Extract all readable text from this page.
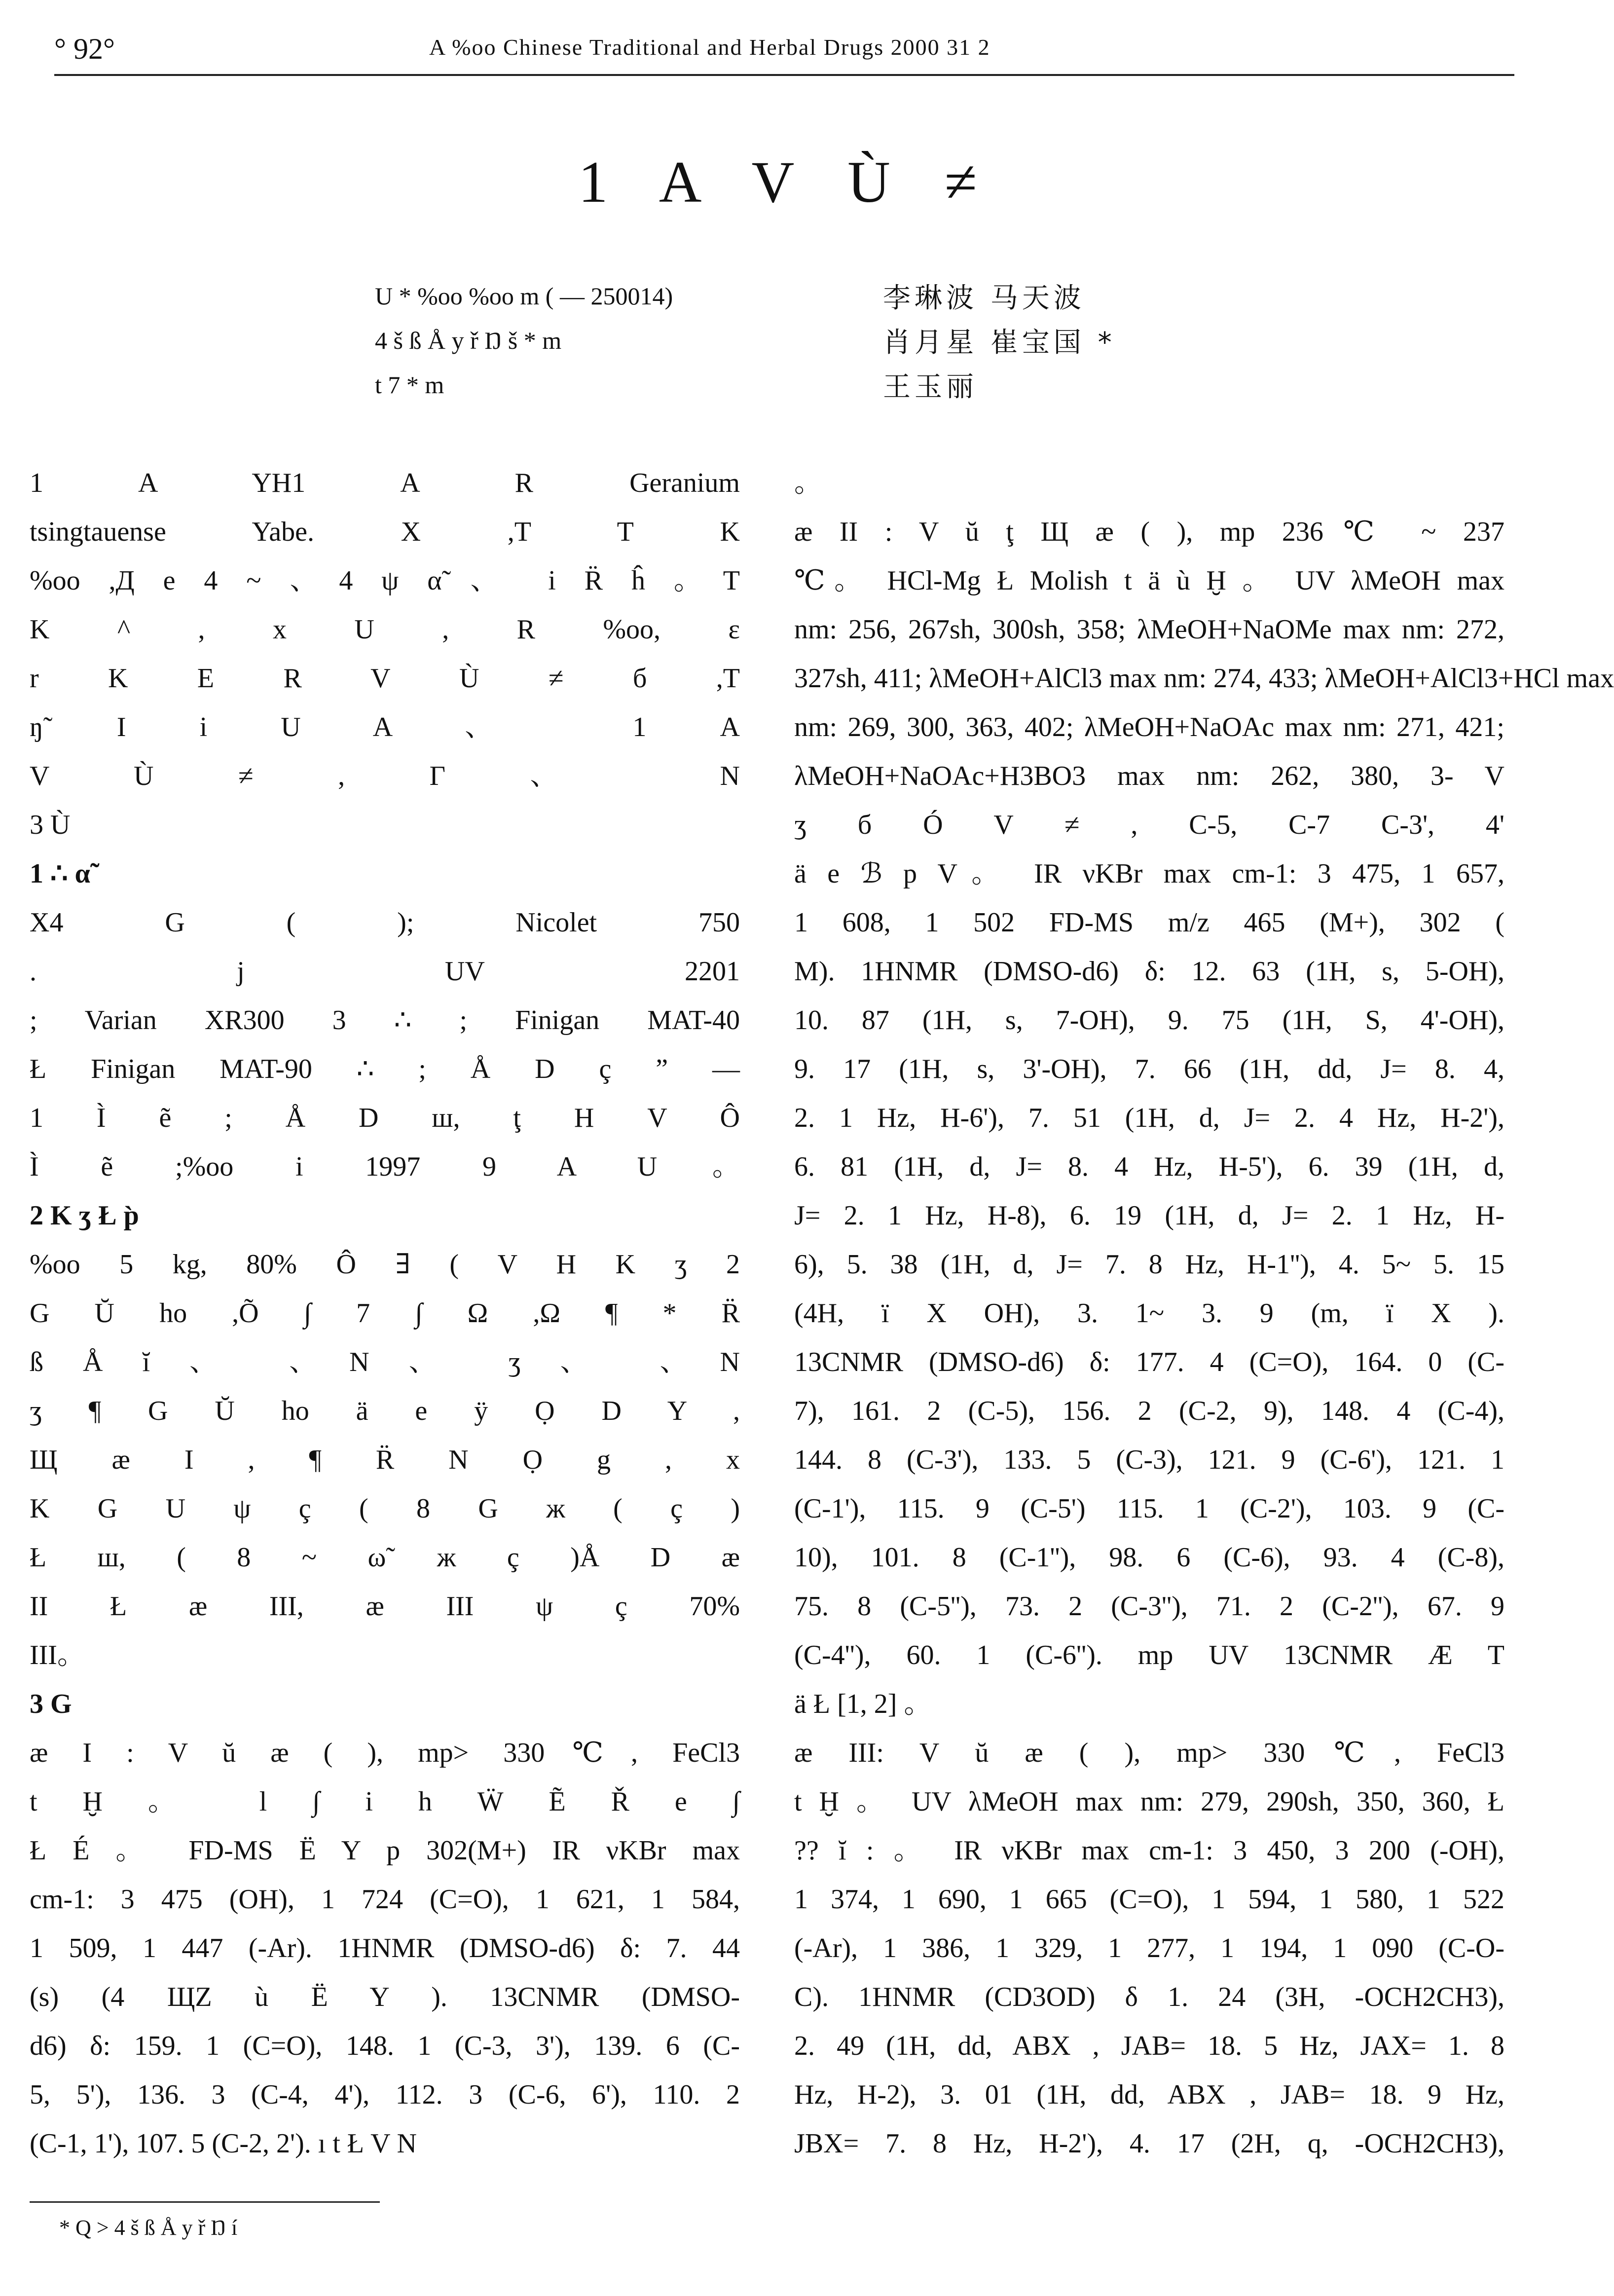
° 92°	A %oo Chinese Traditional and Herbal Drugs 2000 31 2
1 A V Ù ≠
U * %oo %oo m ( — 250014)	李琳波 马天波
4 š ß Å y ř Ŋ š * m	肖月星 崔宝国 *
t 7 * m	王玉丽
1 A YH1 A R Geranium
tsingtauense Yabe. X ,T T K
%oo ,Д e 4 ~ 、4 ψ α̃ 、 i R̈ ĥ 。T
K ^ , x U , R %oo, ε
r K E R V Ù ≠ б ,T
ŋ̃ I i U A 、 1 A
V Ù ≠ , Γ 、 N
3 Ù
1 ∴ α̃
X4 G ( ); Nicolet 750
. j UV 2201
; Varian XR300 3 ∴ ; Finigan MAT-40
Ł Finigan MAT-90 ∴ ; Å D ç ” —
1 Ì ẽ ; Å D ш, ţ Н V Ô
Ì ẽ ;%oo i 1997 9 A U。
2 K ʒ Ł p̀
%oo 5 kg, 80% Ô ∃ ( V H K ʒ 2
G Ŭ ho ,Õ ∫ 7 ∫ Ω ,Ω ¶ * R̈
ß Å ĭ 、 、N 、 ʒ 、 、N
ʒ ¶ G Ŭ ho ä e ÿ Ọ D Y ,
Щ ӕ I , ¶ R̈ N Ọ g , x
K G U ψ ç ( 8 G ж ( ç )
Ł ш, ( 8 ~ ω̃ ж ç )Å D ӕ
II Ł ӕ III, ӕ III ψ ç 70%
III。
3 G
ӕ I : V ŭ ӕ ( ), mp> 330℃, FeCl3
t Ḫ 。 l ∫ i h Ẅ Ẽ Ř e ∫
Ł É 。 FD-MS Ë Y p 302(M+) IR νKBr max
cm-1: 3 475 (OH), 1 724 (C=O), 1 621, 1 584,
1 509, 1 447 (-Ar). 1HNMR (DMSO-d6) δ: 7. 44
(s) (4 ЩZ ù Ë Y ). 13CNMR (DMSO-
d6) δ: 159. 1 (C=O), 148. 1 (C-3, 3'), 139. 6 (C-
5, 5'), 136. 3 (C-4, 4'), 112. 3 (C-6, 6'), 110. 2
(C-1, 1'), 107. 5 (C-2, 2'). ı t Ł V N
。
ӕ II : V ŭ ţ Щ ӕ ( ), mp 236℃ ~ 237
℃。 HCl-Mg Ł Molish t ä ù Ḫ 。 UV λMeOH max
nm: 256, 267sh, 300sh, 358; λMeOH+NaOMe max nm: 272,
327sh, 411; λMeOH+AlCl3 max nm: 274, 433; λMeOH+AlCl3+HCl max
nm: 269, 300, 363, 402; λMeOH+NaOAc max nm: 271, 421;
λMeOH+NaOAc+H3BO3 max nm: 262, 380, 3- V
ʒ б Ó V ≠ , C-5, C-7 C-3', 4'
ä e ℬ p V。 IR νKBr max cm-1: 3 475, 1 657,
1 608, 1 502 FD-MS m/z 465 (M+), 302 (
M). 1HNMR (DMSO-d6) δ: 12. 63 (1H, s, 5-OH),
10. 87 (1H, s, 7-OH), 9. 75 (1H, S, 4'-OH),
9. 17 (1H, s, 3'-OH), 7. 66 (1H, dd, J= 8. 4,
2. 1 Hz, H-6'), 7. 51 (1H, d, J= 2. 4 Hz, H-2'),
6. 81 (1H, d, J= 8. 4 Hz, H-5'), 6. 39 (1H, d,
J= 2. 1 Hz, H-8), 6. 19 (1H, d, J= 2. 1 Hz, H-
6), 5. 38 (1H, d, J= 7. 8 Hz, H-1''), 4. 5~ 5. 15
(4H, ï X OH), 3. 1~ 3. 9 (m, ï X ).
13CNMR (DMSO-d6) δ: 177. 4 (C=O), 164. 0 (C-
7), 161. 2 (C-5), 156. 2 (C-2, 9), 148. 4 (C-4),
144. 8 (C-3'), 133. 5 (C-3), 121. 9 (C-6'), 121. 1
(C-1'), 115. 9 (C-5') 115. 1 (C-2'), 103. 9 (C-
10), 101. 8 (C-1''), 98. 6 (C-6), 93. 4 (C-8),
75. 8 (C-5''), 73. 2 (C-3''), 71. 2 (C-2''), 67. 9
(C-4''), 60. 1 (C-6''). mp UV 13CNMR Æ T
ä Ł [1, 2] 。
ӕ III: V ŭ ӕ ( ), mp> 330℃, FeCl3
t Ḫ 。 UV λMeOH max nm: 279, 290sh, 350, 360, Ł
?? ĭ : 。 IR νKBr max cm-1: 3 450, 3 200 (-OH),
1 374, 1 690, 1 665 (C=O), 1 594, 1 580, 1 522
(-Ar), 1 386, 1 329, 1 277, 1 194, 1 090 (C-O-
C). 1HNMR (CD3OD) δ 1. 24 (3H, -OCH2CH3),
2. 49 (1H, dd, ABX , JAB= 18. 5 Hz, JAX= 1. 8
Hz, H-2), 3. 01 (1H, dd, ABX , JAB= 18. 9 Hz,
JBX= 7. 8 Hz, H-2'), 4. 17 (2H, q, -OCH2CH3),
* Q > 4 š ß Å y ř Ŋ í
